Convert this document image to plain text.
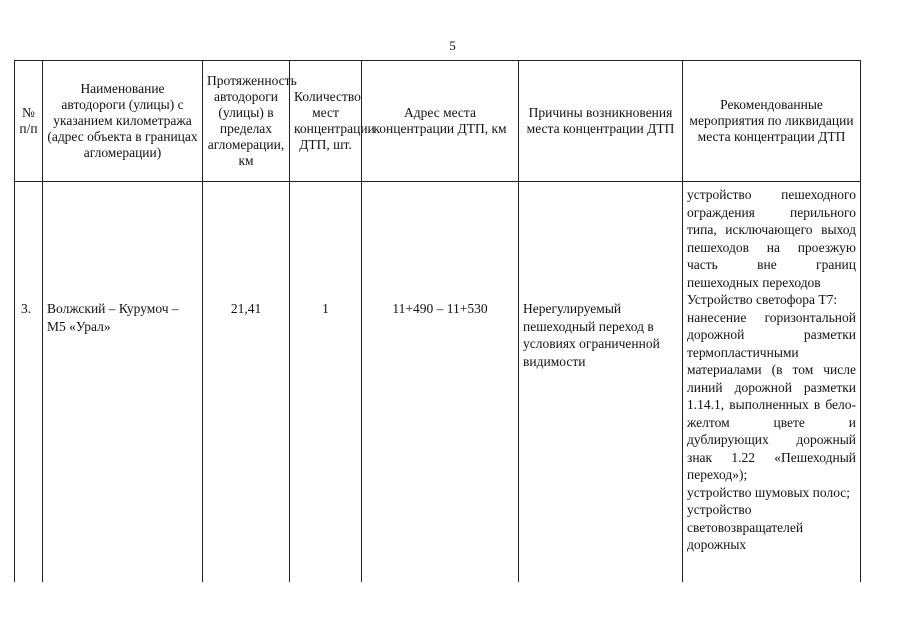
5
№ п/п	Наименование автодороги (улицы) с указанием километража (адрес объекта в границах агломерации)	Протяженность автодороги (улицы) в пределах агломерации, км	Количество мест концентрации ДТП, шт.	Адрес места концентрации ДТП, км	Причины возникновения места концентрации ДТП	Рекомендованные мероприятия по ликвидации места концентрации ДТП

3.	Волжский – Курумоч – М5 «Урал»	21,41	1	11+490 – 11+530	Нерегулируемый пешеходный переход в условиях ограниченной видимости	устройство пешеходного ограждения перильного типа, исключающего выход пешеходов на проезжую часть вне границ пешеходных переходов
Устройство светофора Т7:
нанесение горизонтальной дорожной разметки термопластичными материалами (в том числе линий дорожной разметки 1.14.1, выполненных в бело-желтом цвете и дублирующих дорожный знак 1.22 «Пешеходный переход»);
устройство шумовых полос;
устройство световозвращателей дорожных
